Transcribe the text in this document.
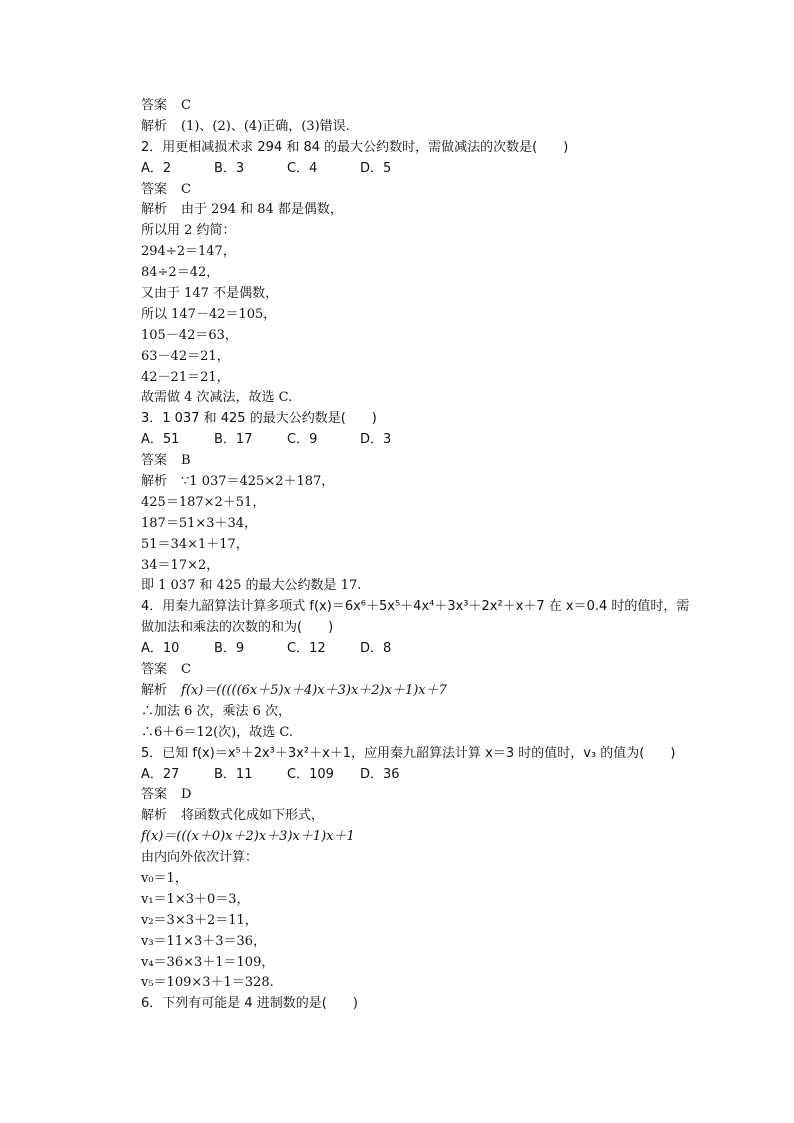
答案 C
解析 (1)、(2)、(4)正确，(3)错误.
2．用更相减损术求 294 和 84 的最大公约数时，需做减法的次数是(　　)
A．2	B．3	C．4	D．5
答案 C
解析 由于 294 和 84 都是偶数，
所以用 2 约简：
294÷2＝147，
84÷2＝42，
又由于 147 不是偶数，
所以 147－42＝105，
105－42＝63，
63－42＝21，
42－21＝21，
故需做 4 次减法，故选 C.
3．1 037 和 425 的最大公约数是(　　)
A．51	B．17	C．9	D．3
答案 B
解析 ∵1 037＝425×2＋187，
425＝187×2＋51，
187＝51×3＋34，
51＝34×1＋17，
34＝17×2，
即 1 037 和 425 的最大公约数是 17.
4．用秦九韶算法计算多项式 f(x)＝6x⁶＋5x⁵＋4x⁴＋3x³＋2x²＋x＋7 在 x＝0.4 时的值时，需
做加法和乘法的次数的和为(　　)
A．10	B．9	C．12	D．8
答案 C
解析 f(x)＝(((((6x＋5)x＋4)x＋3)x＋2)x＋1)x＋7
∴加法 6 次，乘法 6 次，
∴6＋6＝12(次)，故选 C.
5．已知 f(x)＝x⁵＋2x³＋3x²＋x＋1，应用秦九韶算法计算 x＝3 时的值时，v₃ 的值为(　　)
A．27	B．11	C．109 D．36
答案 D
解析 将函数式化成如下形式，
f(x)＝(((x＋0)x＋2)x＋3)x＋1)x＋1
由内向外依次计算：
v₀＝1，
v₁＝1×3＋0＝3，
v₂＝3×3＋2＝11，
v₃＝11×3＋3＝36，
v₄＝36×3＋1＝109，
v₅＝109×3＋1＝328.
6．下列有可能是 4 进制数的是(　　)
